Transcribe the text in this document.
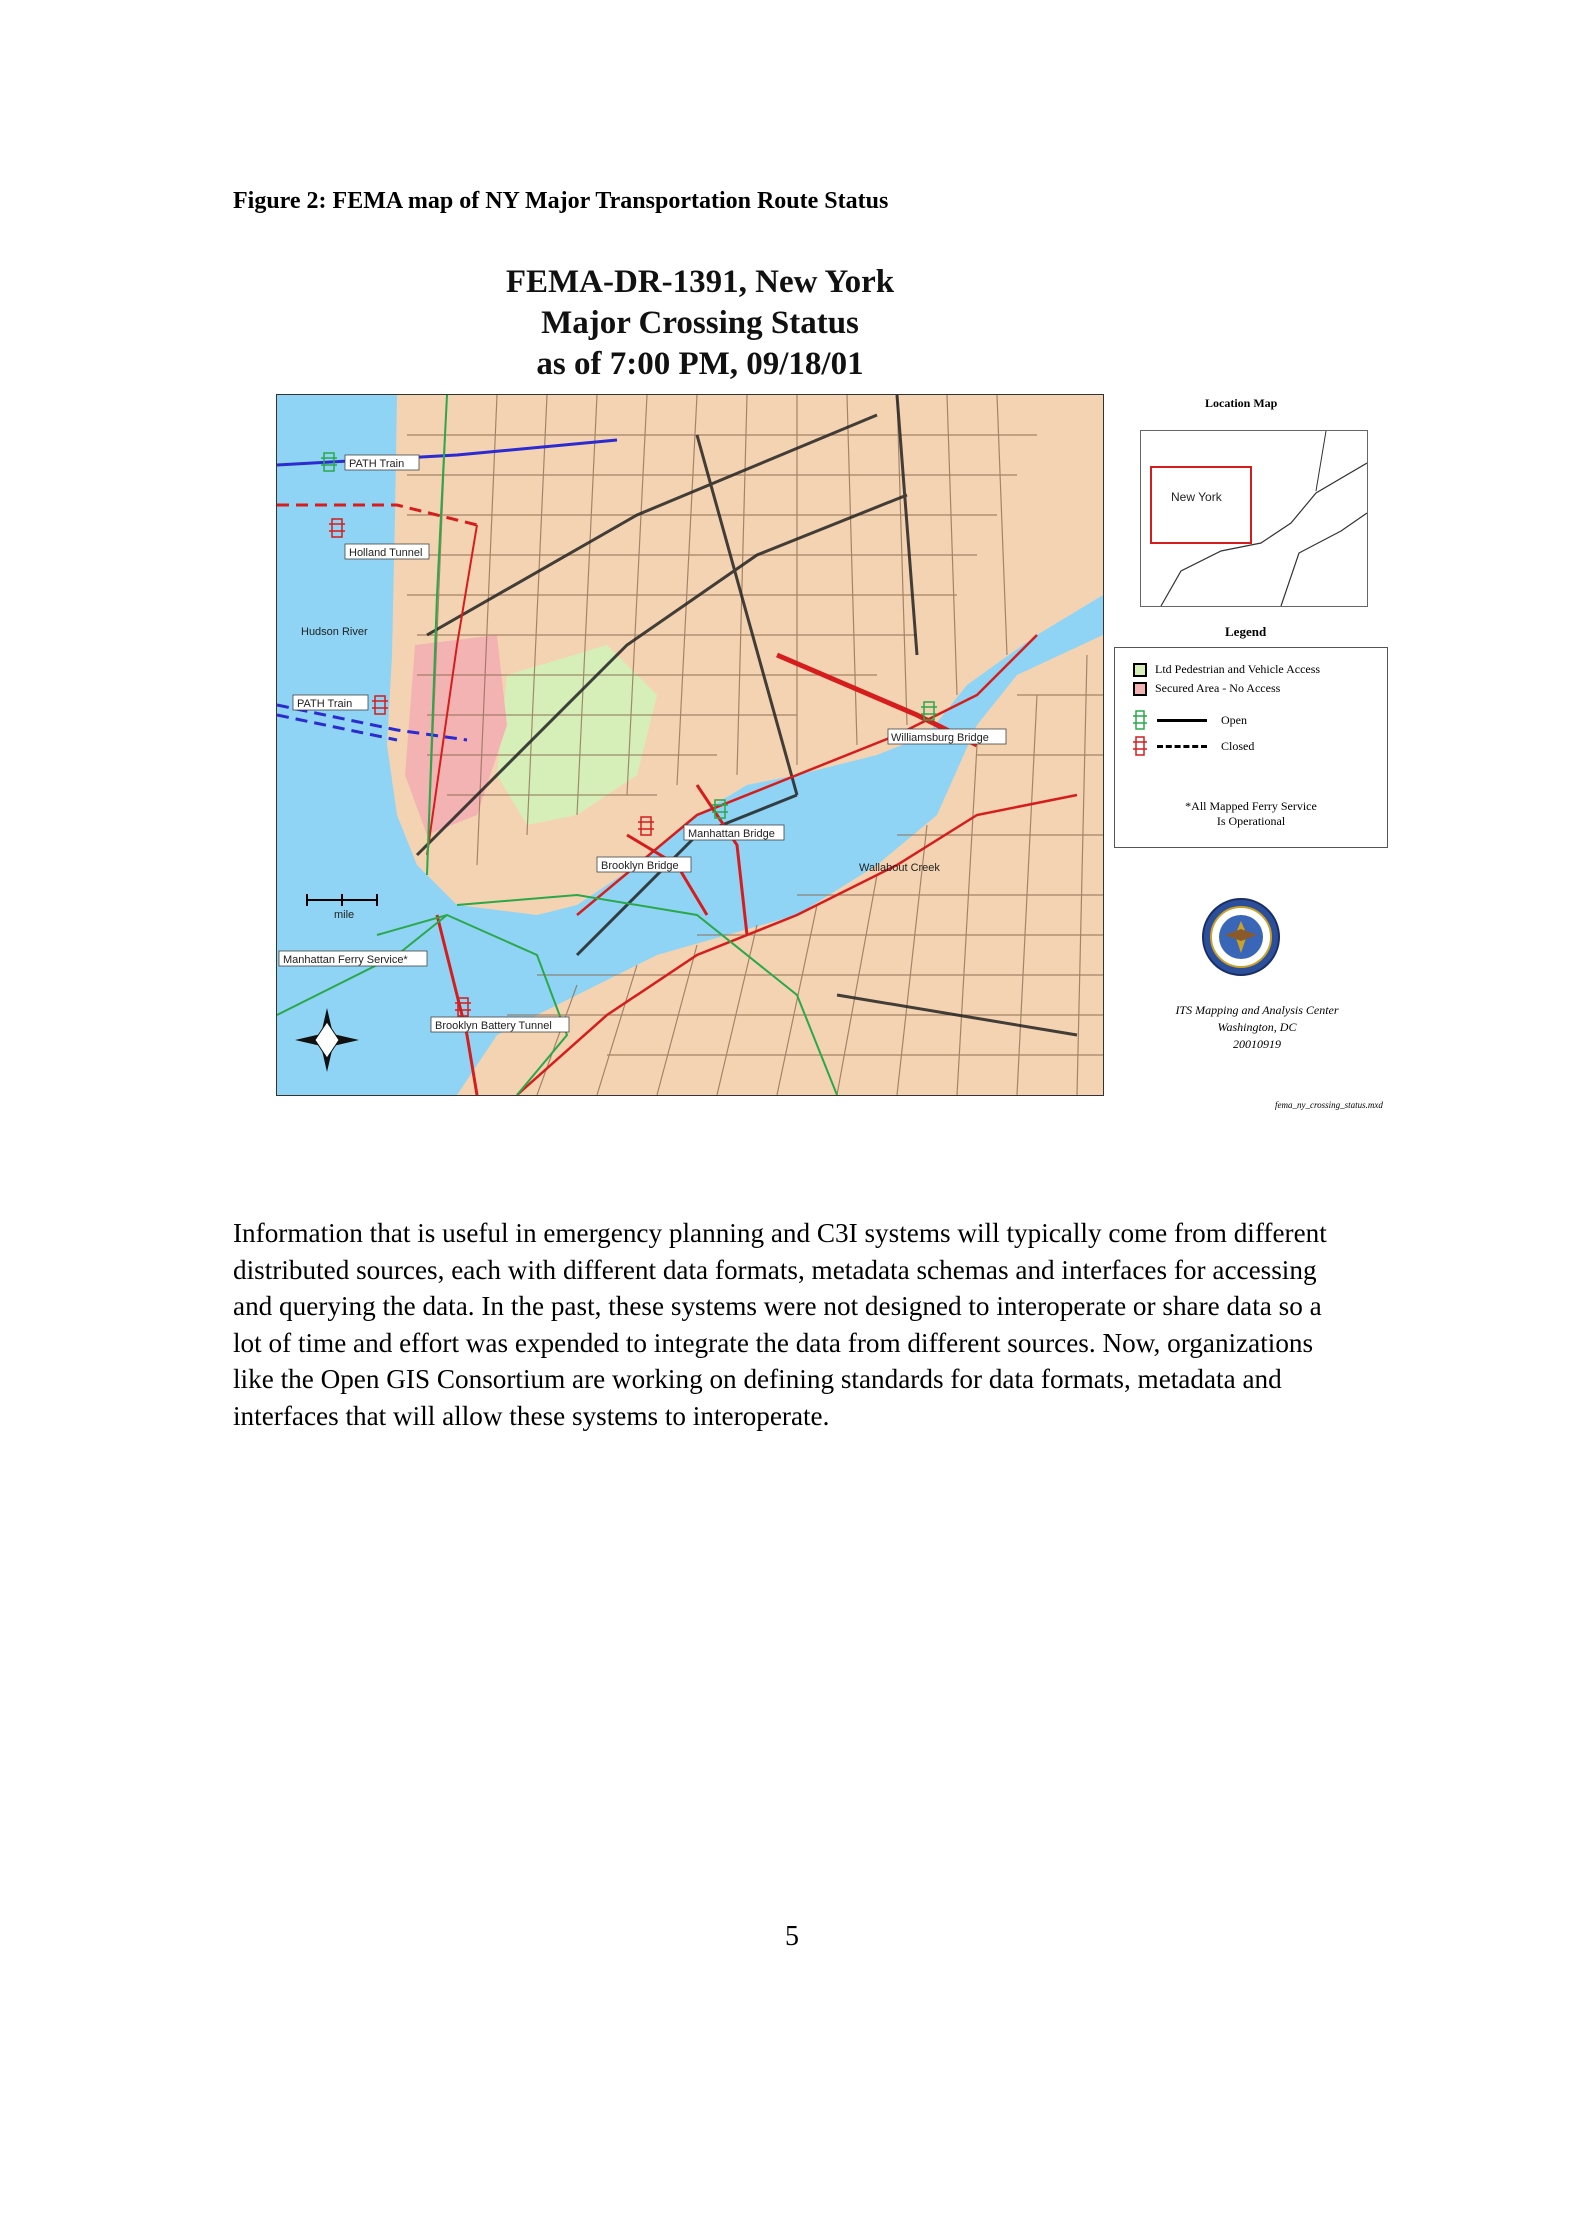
Figure 2: FEMA map of NY Major Transportation Route Status
FEMA-DR-1391, New York
Major Crossing Status
as of 7:00 PM, 09/18/01
PATH Train
Holland Tunnel
Hudson River
PATH Train
Williamsburg Bridge
Manhattan Bridge
Brooklyn Bridge	Wallabout Creek
Manhattan Ferry Service*
Brooklyn Battery Tunnel
mile
Location Map
New York
Legend
Ltd Pedestrian and Vehicle Access
Secured Area - No Access
Open
Closed
*All Mapped Ferry Service
Is Operational
ITS Mapping and Analysis Center
Washington, DC
20010919
fema_ny_crossing_status.mxd
Information that is useful in emergency planning and C3I systems will typically come from different distributed sources, each with different data formats, metadata schemas and interfaces for accessing and querying the data. In the past, these systems were not designed to interoperate or share data so a lot of time and effort was expended to integrate the data from different sources. Now, organizations like the Open GIS Consortium are working on defining standards for data formats, metadata and interfaces that will allow these systems to interoperate.
5
